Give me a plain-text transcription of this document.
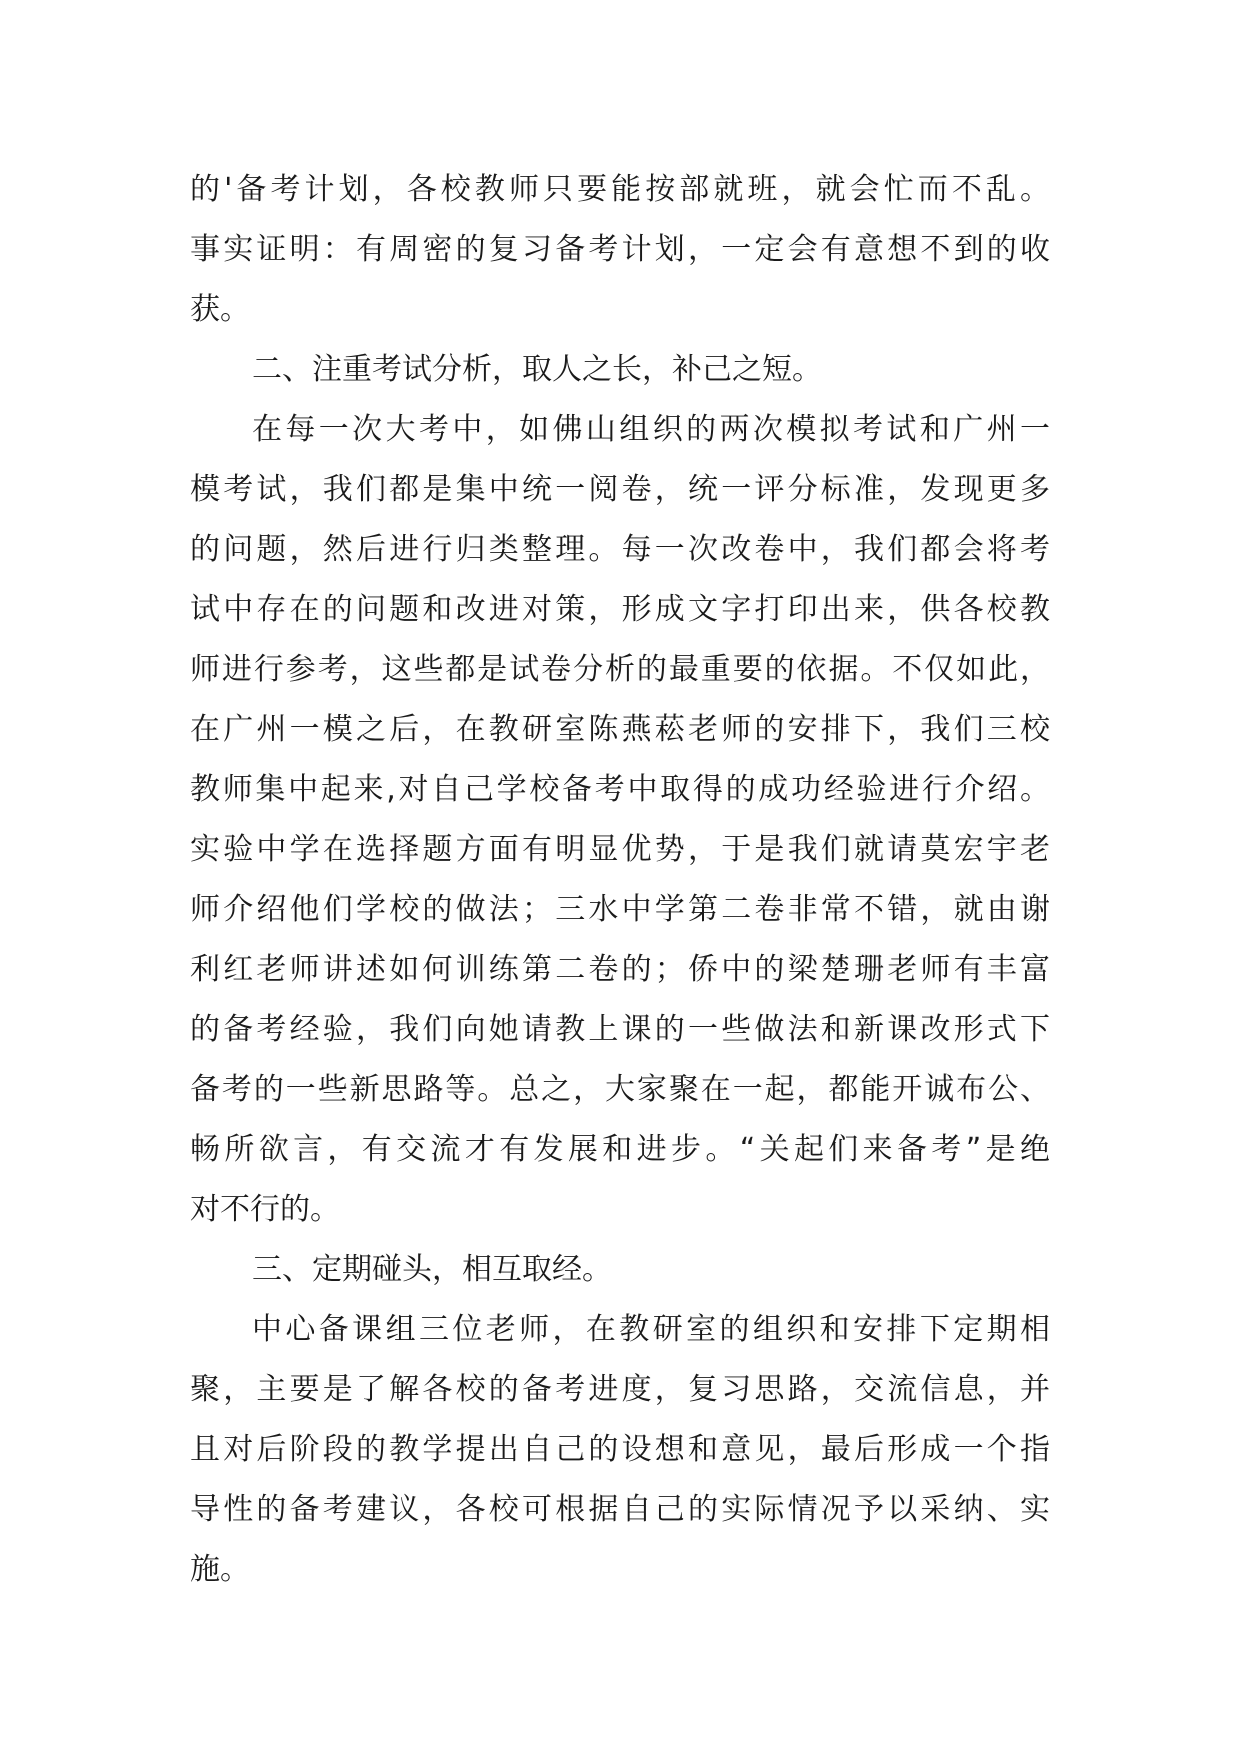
的'备考计划，各校教师只要能按部就班，就会忙而不乱。
事实证明：有周密的复习备考计划，一定会有意想不到的收
获。
二、注重考试分析，取人之长，补己之短。
在每一次大考中，如佛山组织的两次模拟考试和广州一
模考试，我们都是集中统一阅卷，统一评分标准，发现更多
的问题，然后进行归类整理。每一次改卷中，我们都会将考
试中存在的问题和改进对策，形成文字打印出来，供各校教
师进行参考，这些都是试卷分析的最重要的依据。不仅如此，
在广州一模之后，在教研室陈燕菘老师的安排下，我们三校
教师集中起来,对自己学校备考中取得的成功经验进行介绍。
实验中学在选择题方面有明显优势，于是我们就请莫宏宇老
师介绍他们学校的做法；三水中学第二卷非常不错，就由谢
利红老师讲述如何训练第二卷的；侨中的梁楚珊老师有丰富
的备考经验，我们向她请教上课的一些做法和新课改形式下
备考的一些新思路等。总之，大家聚在一起，都能开诚布公、
畅所欲言，有交流才有发展和进步。“关起们来备考”是绝
对不行的。
三、定期碰头，相互取经。
中心备课组三位老师，在教研室的组织和安排下定期相
聚，主要是了解各校的备考进度，复习思路，交流信息，并
且对后阶段的教学提出自己的设想和意见，最后形成一个指
导性的备考建议，各校可根据自己的实际情况予以采纳、实
施。
